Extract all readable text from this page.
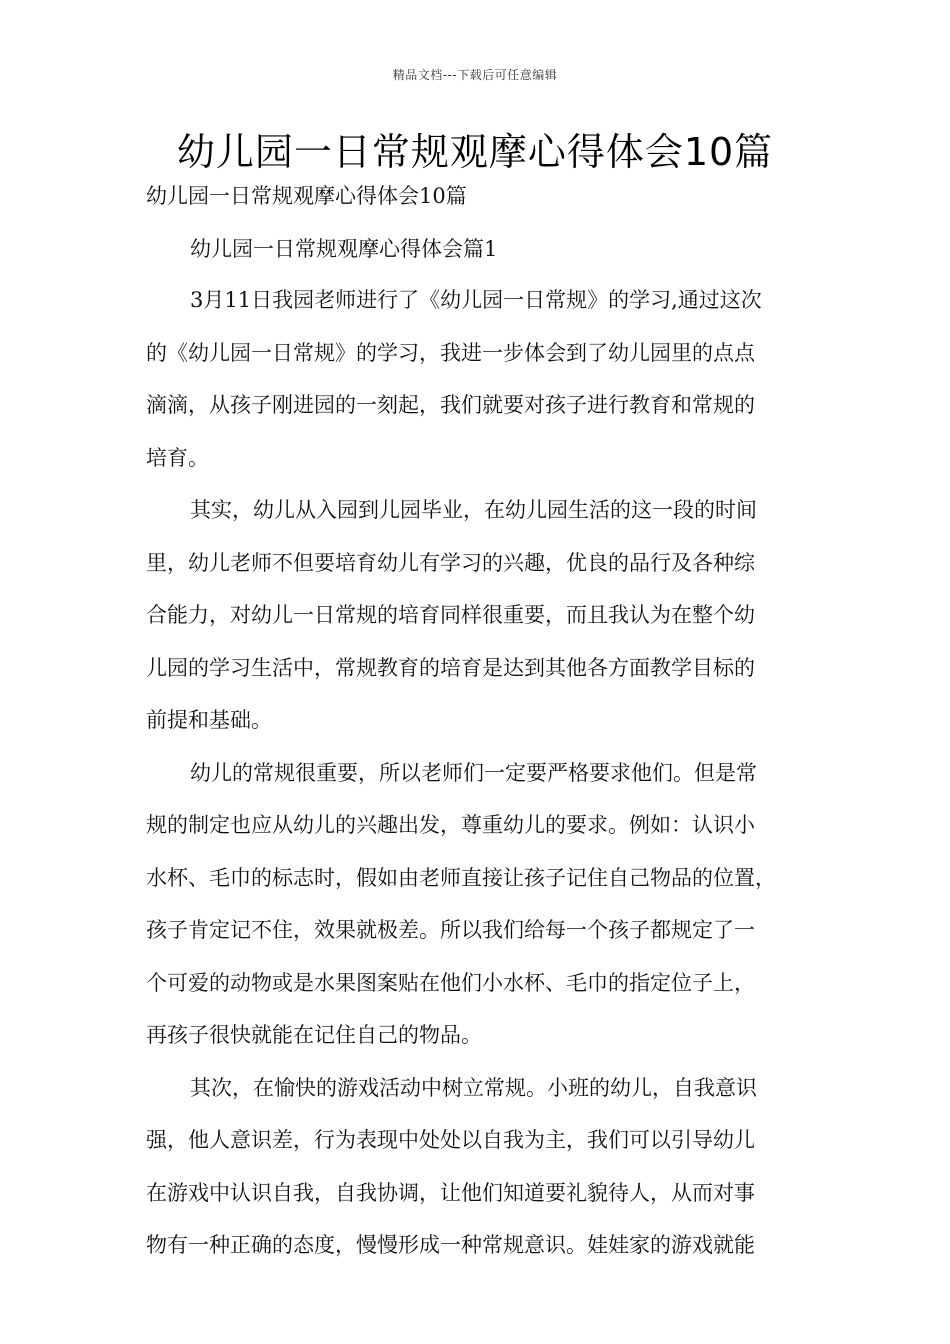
精品文档---下载后可任意编辑
幼儿园一日常规观摩心得体会10篇

幼儿园一日常规观摩心得体会10篇

幼儿园一日常规观摩心得体会篇1

3月11日我园老师进行了《幼儿园一日常规》的学习,通过这次

的《幼儿园一日常规》的学习，我进一步体会到了幼儿园里的点点

滴滴，从孩子刚进园的一刻起，我们就要对孩子进行教育和常规的

培育。

其实，幼儿从入园到儿园毕业，在幼儿园生活的这一段的时间

里，幼儿老师不但要培育幼儿有学习的兴趣，优良的品行及各种综

合能力，对幼儿一日常规的培育同样很重要，而且我认为在整个幼

儿园的学习生活中，常规教育的培育是达到其他各方面教学目标的

前提和基础。

幼儿的常规很重要，所以老师们一定要严格要求他们。但是常

规的制定也应从幼儿的兴趣出发，尊重幼儿的要求。例如：认识小

水杯、毛巾的标志时，假如由老师直接让孩子记住自己物品的位置，

孩子肯定记不住，效果就极差。所以我们给每一个孩子都规定了一

个可爱的动物或是水果图案贴在他们小水杯、毛巾的指定位子上，

再孩子很快就能在记住自己的物品。

其次，在愉快的游戏活动中树立常规。小班的幼儿，自我意识

强，他人意识差，行为表现中处处以自我为主，我们可以引导幼儿

在游戏中认识自我，自我协调，让他们知道要礼貌待人，从而对事

物有一种正确的态度，慢慢形成一种常规意识。娃娃家的游戏就能
